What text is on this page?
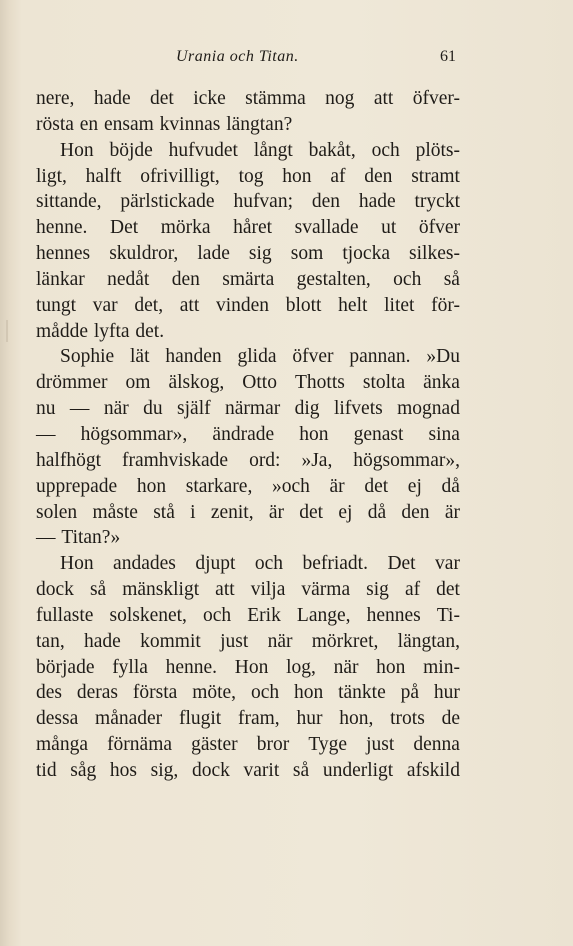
Urania och Titan.	61
nere, hade det icke stämma nog att öfver-
rösta en ensam kvinnas längtan?
Hon böjde hufvudet långt bakåt, och plöts-
ligt, halft ofrivilligt, tog hon af den stramt
sittande, pärlstickade hufvan; den hade tryckt
henne. Det mörka håret svallade ut öfver
hennes skuldror, lade sig som tjocka silkes-
länkar nedåt den smärta gestalten, och så
tungt var det, att vinden blott helt litet för-
mådde lyfta det.
Sophie lät handen glida öfver pannan. »Du
drömmer om älskog, Otto Thotts stolta änka
nu — när du själf närmar dig lifvets mognad
— högsommar», ändrade hon genast sina
halfhögt framhviskade ord: »Ja, högsommar»,
upprepade hon starkare, »och är det ej då
solen måste stå i zenit, är det ej då den är
— Titan?»
Hon andades djupt och befriadt. Det var
dock så mänskligt att vilja värma sig af det
fullaste solskenet, och Erik Lange, hennes Ti-
tan, hade kommit just när mörkret, längtan,
började fylla henne. Hon log, när hon min-
des deras första möte, och hon tänkte på hur
dessa månader flugit fram, hur hon, trots de
många förnäma gäster bror Tyge just denna
tid såg hos sig, dock varit så underligt afskild
